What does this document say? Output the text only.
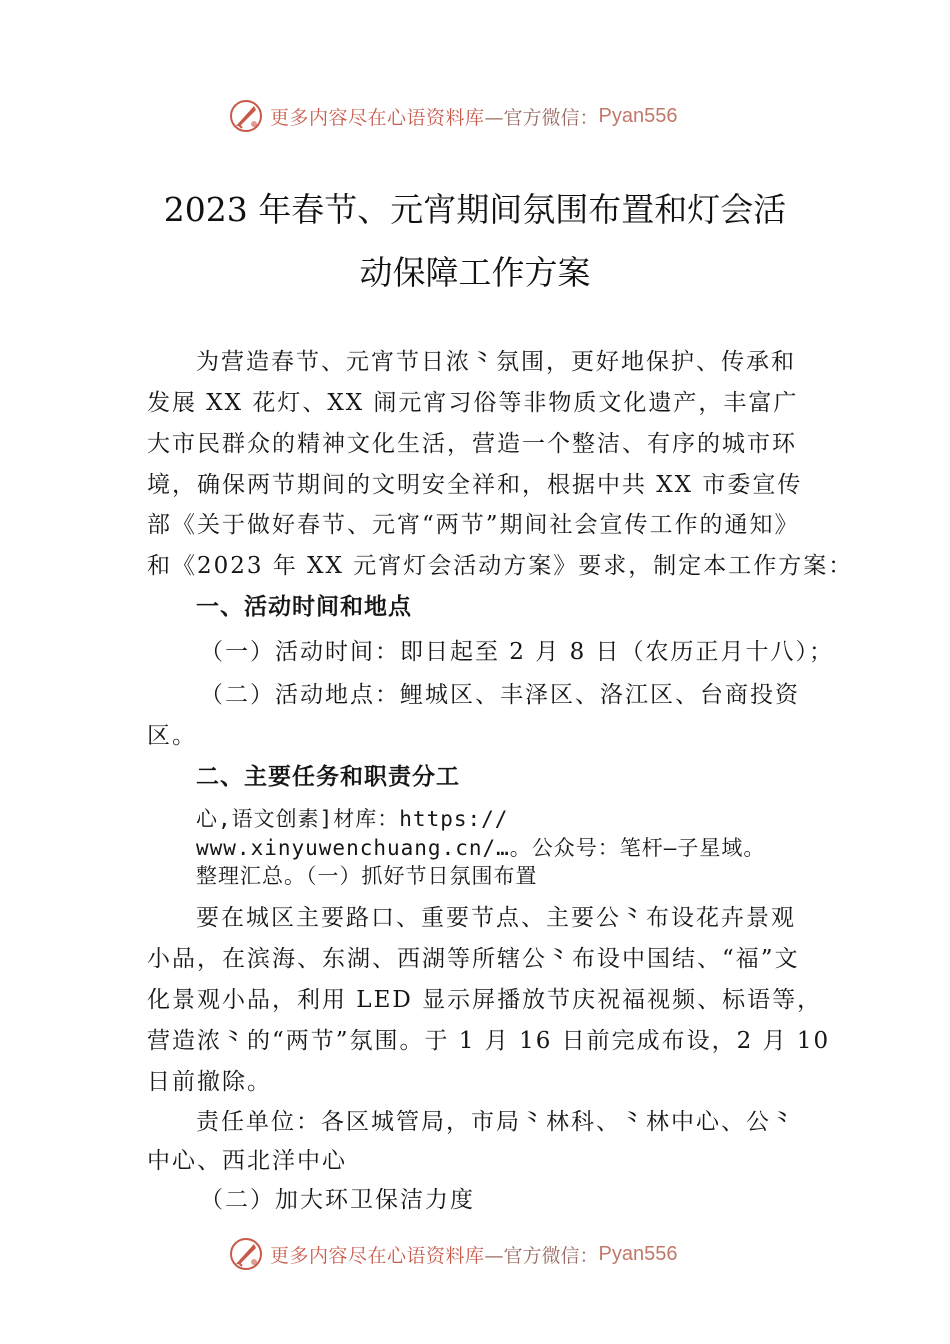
更多内容尽在心语资料库 —官方微信： Pyan556
2023 年春节、元宵期间氛围布置和灯会活
动保障工作方案
为营造春节、元宵节日浓⺀氛围，更好地保护、传承和
发展 XX 花灯、XX 闹元宵习俗等非物质文化遗产，丰富广
大市民群众的精神文化生活，营造一个整洁、有序的城市环
境，确保两节期间的文明安全祥和，根据中共 XX 市委宣传
部《关于做好春节、元宵“两节”期间社会宣传工作的通知》
和《2023 年 XX 元宵灯会活动方案》要求，制定本工作方案：
一、活动时间和地点
（一）活动时间：即日起至 2 月 8 日（农历正月十八）；
（二）活动地点：鲤城区、丰泽区、洛江区、台商投资
区。
二、主要任务和职责分工
心,语文创素]材库：https://
www.xinyuwenchuang.cn/…。公众号：笔杆—子星域。
整理汇总。（一）抓好节日氛围布置
要在城区主要路口、重要节点、主要公⺀布设花卉景观
小品，在滨海、东湖、西湖等所辖公⺀布设中国结、“福”文
化景观小品，利用 LED 显示屏播放节庆祝福视频、标语等，
营造浓⺀的“两节”氛围。于 1 月 16 日前完成布设，2 月 10
日前撤除。
责任单位：各区城管局，市局⺀林科、⺀林中心、公⺀
中心、西北洋中心
（二）加大环卫保洁力度
更多内容尽在心语资料库 —官方微信： Pyan556
